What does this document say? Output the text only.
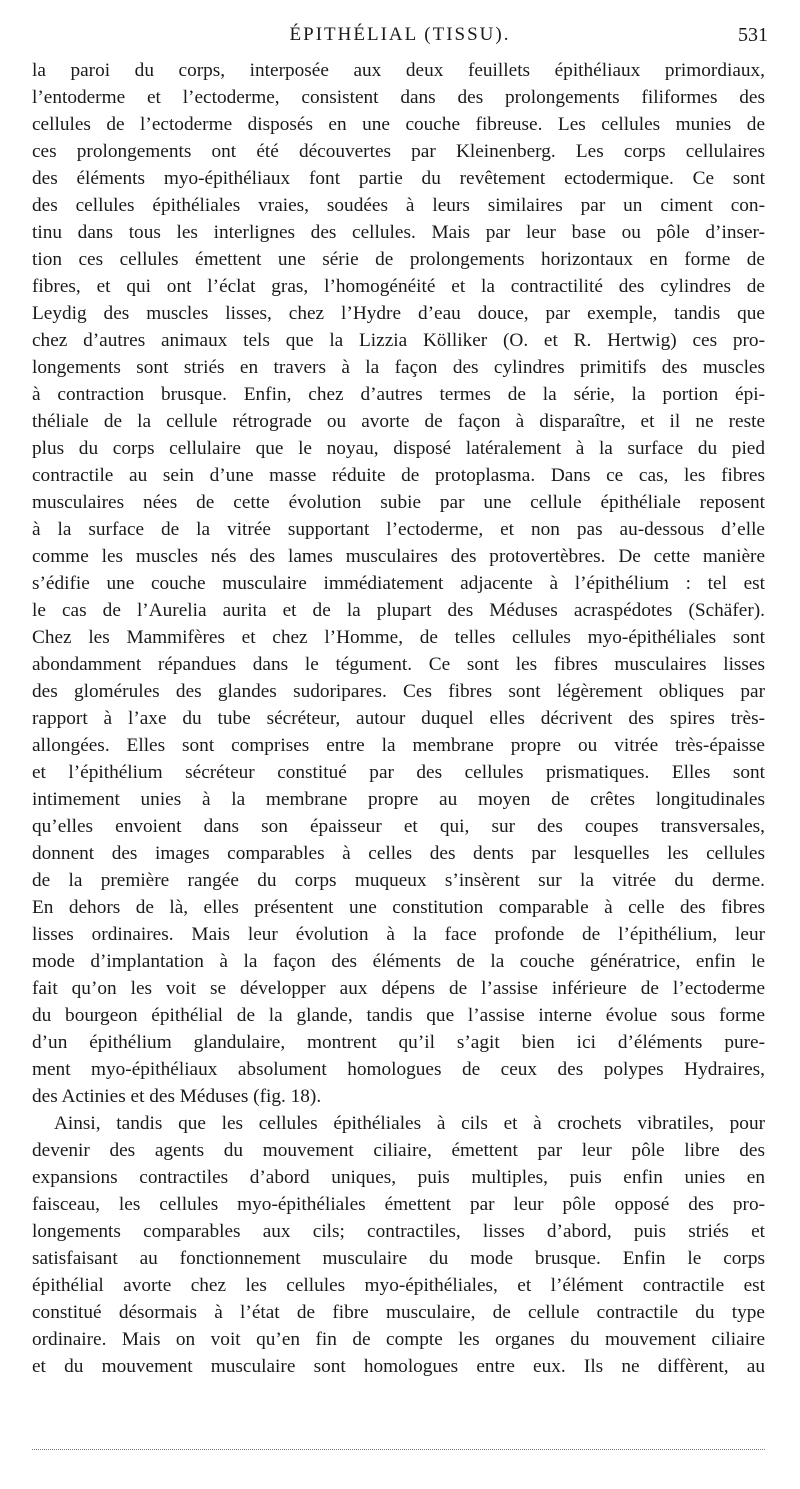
ÉPITHÉLIAL (TISSU).	531
la paroi du corps, interposée aux deux feuillets épithéliaux primordiaux,
l’entoderme et l’ectoderme, consistent dans des prolongements filiformes des
cellules de l’ectoderme disposés en une couche fibreuse. Les cellules munies de
ces prolongements ont été découvertes par Kleinenberg. Les corps cellulaires
des éléments myo-épithéliaux font partie du revêtement ectodermique. Ce sont
des cellules épithéliales vraies, soudées à leurs similaires par un ciment con-
tinu dans tous les interlignes des cellules. Mais par leur base ou pôle d’inser-
tion ces cellules émettent une série de prolongements horizontaux en forme de
fibres, et qui ont l’éclat gras, l’homogénéité et la contractilité des cylindres de
Leydig des muscles lisses, chez l’Hydre d’eau douce, par exemple, tandis que
chez d’autres animaux tels que la Lizzia Kölliker (O. et R. Hertwig) ces pro-
longements sont striés en travers à la façon des cylindres primitifs des muscles
à contraction brusque. Enfin, chez d’autres termes de la série, la portion épi-
théliale de la cellule rétrograde ou avorte de façon à disparaître, et il ne reste
plus du corps cellulaire que le noyau, disposé latéralement à la surface du pied
contractile au sein d’une masse réduite de protoplasma. Dans ce cas, les fibres
musculaires nées de cette évolution subie par une cellule épithéliale reposent
à la surface de la vitrée supportant l’ectoderme, et non pas au-dessous d’elle
comme les muscles nés des lames musculaires des protovertèbres. De cette manière
s’édifie une couche musculaire immédiatement adjacente à l’épithélium : tel est
le cas de l’Aurelia aurita et de la plupart des Méduses acraspédotes (Schäfer).
Chez les Mammifères et chez l’Homme, de telles cellules myo-épithéliales sont
abondamment répandues dans le tégument. Ce sont les fibres musculaires lisses
des glomérules des glandes sudoripares. Ces fibres sont légèrement obliques par
rapport à l’axe du tube sécréteur, autour duquel elles décrivent des spires très-
allongées. Elles sont comprises entre la membrane propre ou vitrée très-épaisse
et l’épithélium sécréteur constitué par des cellules prismatiques. Elles sont
intimement unies à la membrane propre au moyen de crêtes longitudinales
qu’elles envoient dans son épaisseur et qui, sur des coupes transversales,
donnent des images comparables à celles des dents par lesquelles les cellules
de la première rangée du corps muqueux s’insèrent sur la vitrée du derme.
En dehors de là, elles présentent une constitution comparable à celle des fibres
lisses ordinaires. Mais leur évolution à la face profonde de l’épithélium, leur
mode d’implantation à la façon des éléments de la couche génératrice, enfin le
fait qu’on les voit se développer aux dépens de l’assise inférieure de l’ectoderme
du bourgeon épithélial de la glande, tandis que l’assise interne évolue sous forme
d’un épithélium glandulaire, montrent qu’il s’agit bien ici d’éléments pure-
ment myo-épithéliaux absolument homologues de ceux des polypes Hydraires,
des Actinies et des Méduses (fig. 18).
Ainsi, tandis que les cellules épithéliales à cils et à crochets vibratiles, pour
devenir des agents du mouvement ciliaire, émettent par leur pôle libre des
expansions contractiles d’abord uniques, puis multiples, puis enfin unies en
faisceau, les cellules myo-épithéliales émettent par leur pôle opposé des pro-
longements comparables aux cils; contractiles, lisses d’abord, puis striés et
satisfaisant au fonctionnement musculaire du mode brusque. Enfin le corps
épithélial avorte chez les cellules myo-épithéliales, et l’élément contractile est
constitué désormais à l’état de fibre musculaire, de cellule contractile du type
ordinaire. Mais on voit qu’en fin de compte les organes du mouvement ciliaire
et du mouvement musculaire sont homologues entre eux. Ils ne diffèrent, au
